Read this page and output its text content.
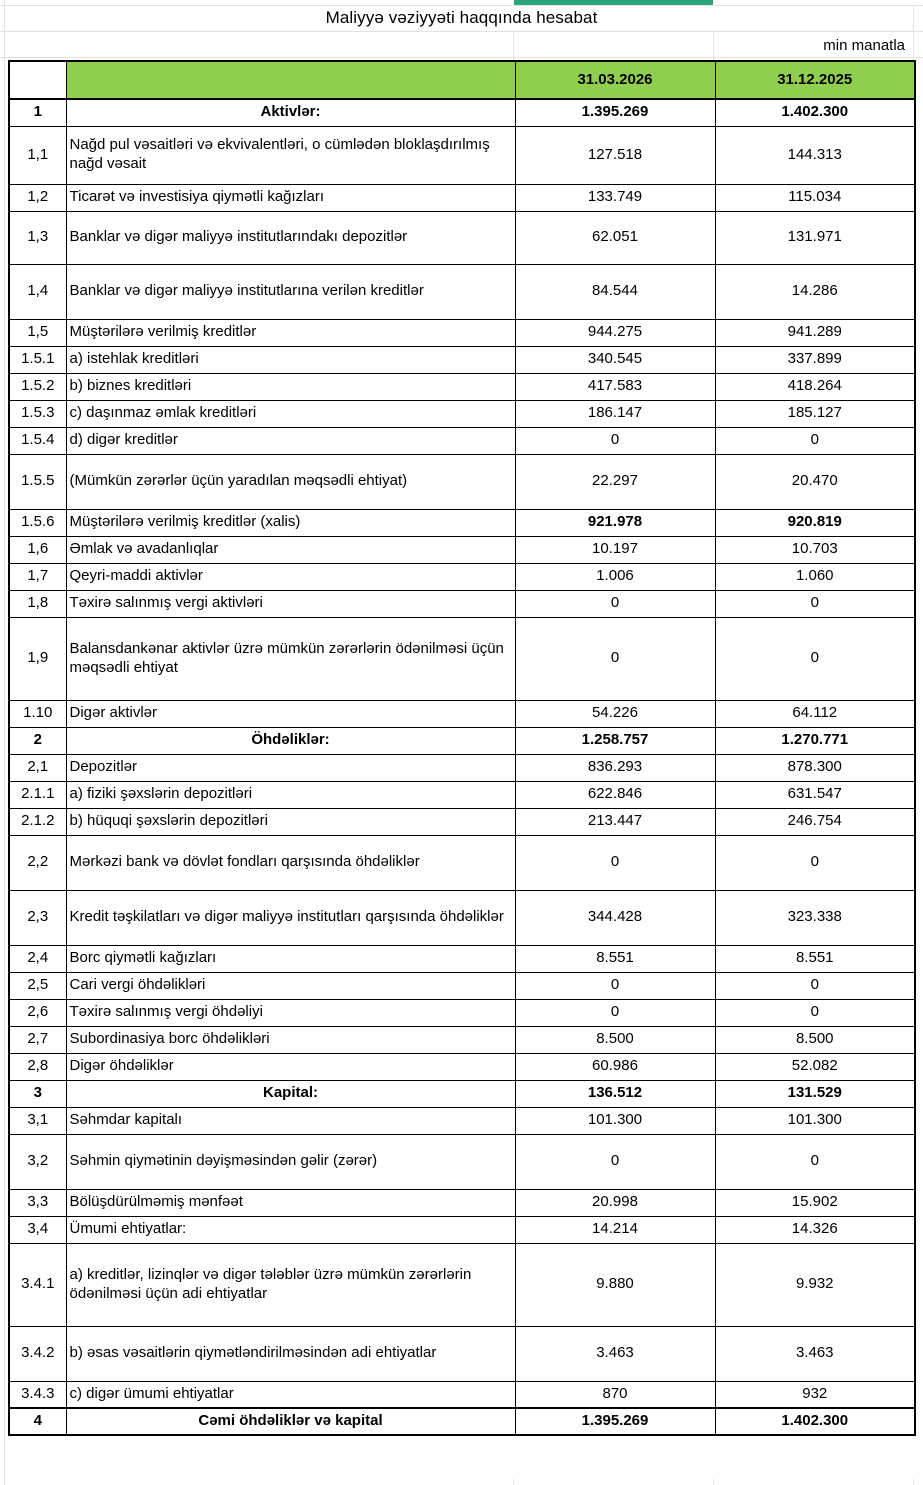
Maliyyə vəziyyəti haqqında hesabat
min manatla
		31.03.2026	31.12.2025
1	Aktivlər:	1.395.269	1.402.300
1,1	Nağd pul vəsaitləri və ekvivalentləri, o cümlədən bloklaşdırılmış nağd vəsait	127.518	144.313
1,2	Ticarət və investisiya qiymətli kağızları	133.749	115.034
1,3	Banklar və digər maliyyə institutlarındakı depozitlər	62.051	131.971
1,4	Banklar və digər maliyyə institutlarına verilən kreditlər	84.544	14.286
1,5	Müştərilərə verilmiş kreditlər	944.275	941.289
1.5.1	a) istehlak kreditləri	340.545	337.899
1.5.2	b) biznes kreditləri	417.583	418.264
1.5.3	c) daşınmaz əmlak kreditləri	186.147	185.127
1.5.4	d) digər kreditlər	0	0
1.5.5	(Mümkün zərərlər üçün yaradılan məqsədli ehtiyat)	22.297	20.470
1.5.6	Müştərilərə verilmiş kreditlər (xalis)	921.978	920.819
1,6	Əmlak və avadanlıqlar	10.197	10.703
1,7	Qeyri-maddi aktivlər	1.006	1.060
1,8	Təxirə salınmış vergi aktivləri	0	0
1,9	Balansdankənar aktivlər üzrə mümkün zərərlərin ödənilməsi üçün məqsədli ehtiyat	0	0
1.10	Digər aktivlər	54.226	64.112
2	Öhdəliklər:	1.258.757	1.270.771
2,1	Depozitlər	836.293	878.300
2.1.1	a) fiziki şəxslərin depozitləri	622.846	631.547
2.1.2	b) hüquqi şəxslərin depozitləri	213.447	246.754
2,2	Mərkəzi bank və dövlət fondları qarşısında öhdəliklər	0	0
2,3	Kredit təşkilatları və digər maliyyə institutları qarşısında öhdəliklər	344.428	323.338
2,4	Borc qiymətli kağızları	8.551	8.551
2,5	Cari vergi öhdəlikləri	0	0
2,6	Təxirə salınmış vergi öhdəliyi	0	0
2,7	Subordinasiya borc öhdəlikləri	8.500	8.500
2,8	Digər öhdəliklər	60.986	52.082
3	Kapital:	136.512	131.529
3,1	Səhmdar kapitalı	101.300	101.300
3,2	Səhmin qiymətinin dəyişməsindən gəlir (zərər)	0	0
3,3	Bölüşdürülməmiş mənfəət	20.998	15.902
3,4	Ümumi ehtiyatlar:	14.214	14.326
3.4.1	a) kreditlər, lizinqlər və digər tələblər üzrə mümkün zərərlərin ödənilməsi üçün adi ehtiyatlar	9.880	9.932
3.4.2	b) əsas vəsaitlərin qiymətləndirilməsindən adi ehtiyatlar	3.463	3.463
3.4.3	c) digər ümumi ehtiyatlar	870	932
4	Cəmi öhdəliklər və kapital	1.395.269	1.402.300
